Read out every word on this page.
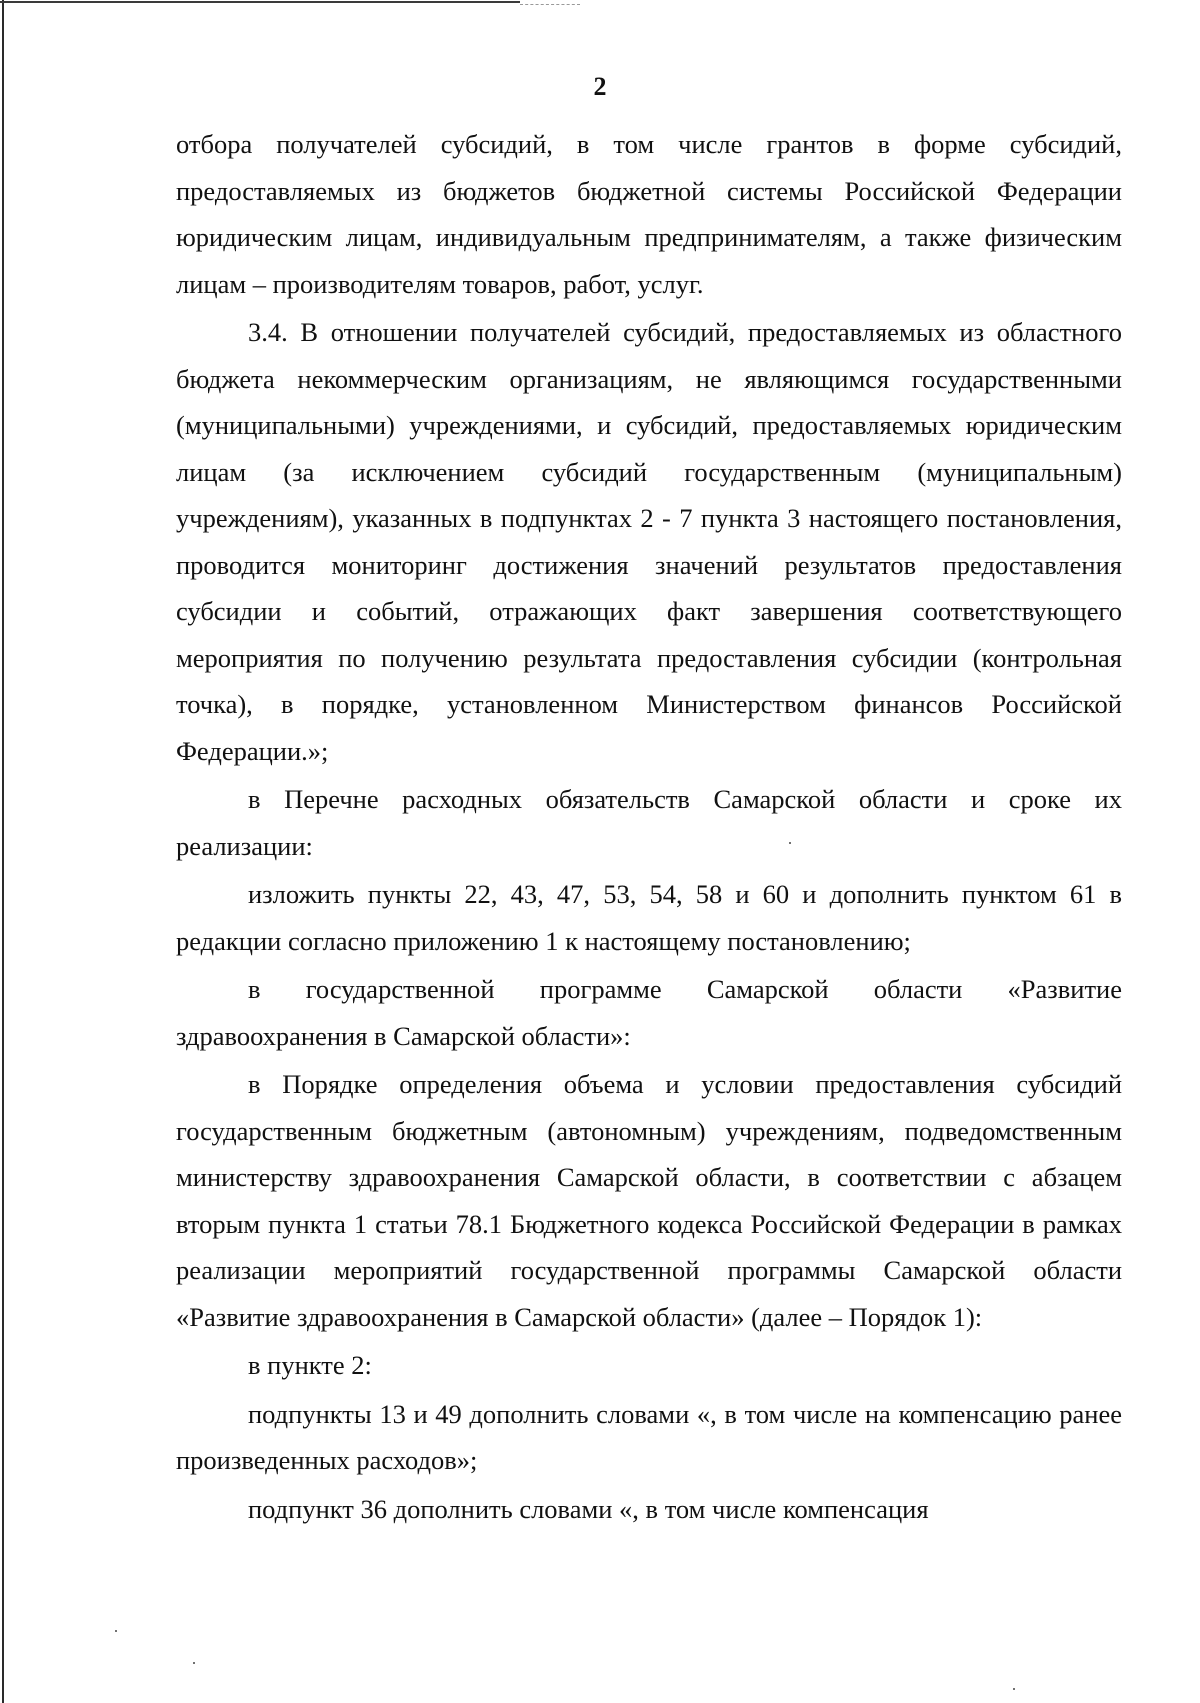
2

отбора получателей субсидий, в том числе грантов в форме субсидий, предоставляемых из бюджетов бюджетной системы Российской Федерации юридическим лицам, индивидуальным предпринимателям, а также физическим лицам – производителям товаров, работ, услуг.

3.4. В отношении получателей субсидий, предоставляемых из областного бюджета некоммерческим организациям, не являющимся государственными (муниципальными) учреждениями, и субсидий, предоставляемых юридическим лицам (за исключением субсидий государственным (муниципальным) учреждениям), указанных в подпунктах 2 - 7 пункта 3 настоящего постановления, проводится мониторинг достижения значений результатов предоставления субсидии и событий, отражающих факт завершения соответствующего мероприятия по получению результата предоставления субсидии (контрольная точка), в порядке, установленном Министерством финансов Российской Федерации.»;

в Перечне расходных обязательств Самарской области и сроке их реализации:

изложить пункты 22, 43, 47, 53, 54, 58 и 60 и дополнить пунктом 61 в редакции согласно приложению 1 к настоящему постановлению;

в государственной программе Самарской области «Развитие здравоохранения в Самарской области»:

в Порядке определения объема и условии предоставления субсидий государственным бюджетным (автономным) учреждениям, подведомственным министерству здравоохранения Самарской области, в соответствии с абзацем вторым пункта 1 статьи 78.1 Бюджетного кодекса Российской Федерации в рамках реализации мероприятий государственной программы Самарской области «Развитие здравоохранения в Самарской области» (далее – Порядок 1):

в пункте 2:

подпункты 13 и 49 дополнить словами «, в том числе на компенсацию ранее произведенных расходов»;

подпункт 36 дополнить словами «, в том числе компенсация
